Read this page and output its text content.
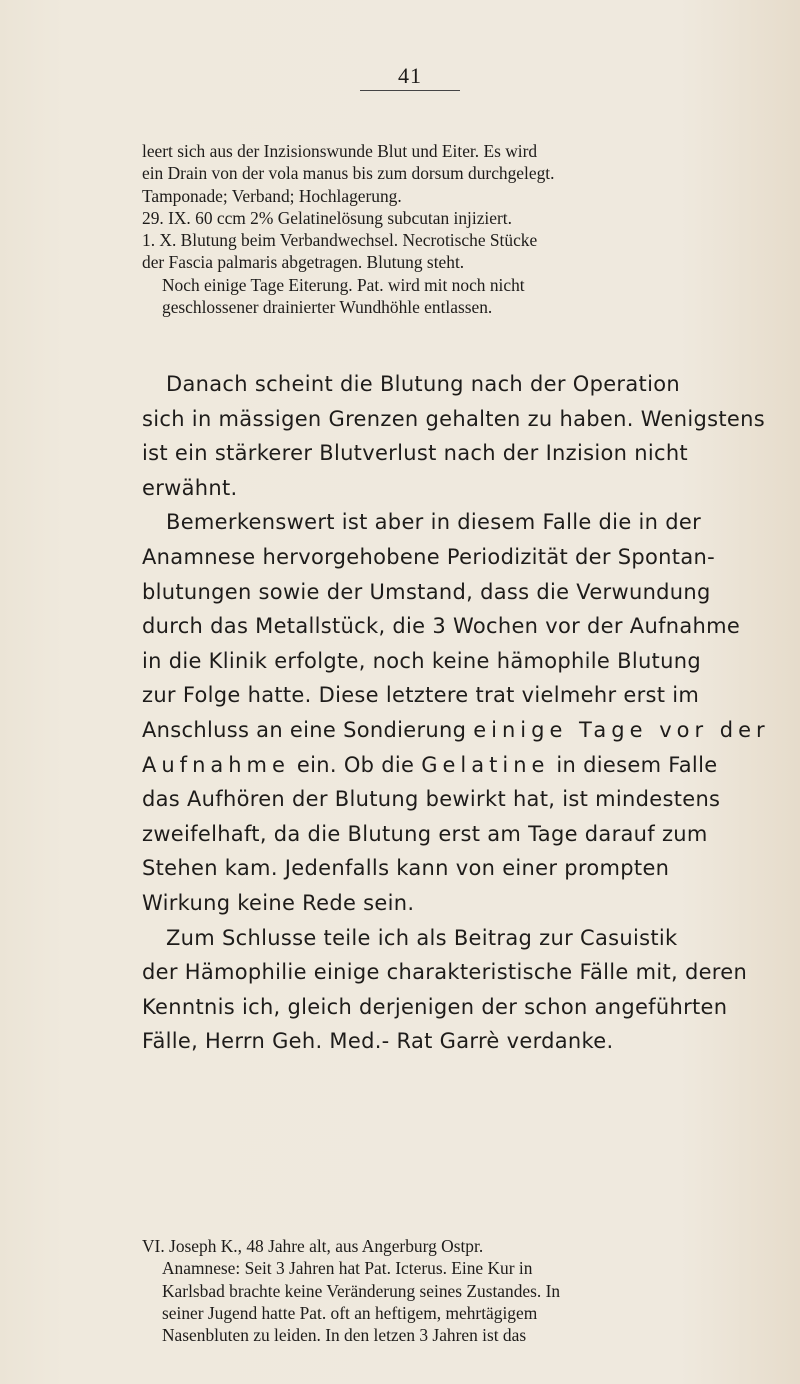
41

leert sich aus der Inzisionswunde Blut und Eiter. Es wird

ein Drain von der vola manus bis zum dorsum durchgelegt.

Tamponade; Verband; Hochlagerung.

29. IX. 60 ccm 2% Gelatinelösung subcutan injiziert.

1. X. Blutung beim Verbandwechsel. Necrotische Stücke

der Fascia palmaris abgetragen. Blutung steht.

Noch einige Tage Eiterung. Pat. wird mit noch nicht

geschlossener drainierter Wundhöhle entlassen.

Danach scheint die Blutung nach der Operation

sich in mässigen Grenzen gehalten zu haben. Wenigstens

ist ein stärkerer Blutverlust nach der Inzision nicht

erwähnt.

Bemerkenswert ist aber in diesem Falle die in der

Anamnese hervorgehobene Periodizität der Spontan-

blutungen sowie der Umstand, dass die Verwundung

durch das Metallstück, die 3 Wochen vor der Aufnahme

in die Klinik erfolgte, noch keine hämophile Blutung

zur Folge hatte. Diese letztere trat vielmehr erst im

Anschluss an eine Sondierung einige Tage vor der

Aufnahme ein. Ob die Gelatine in diesem Falle

das Aufhören der Blutung bewirkt hat, ist mindestens

zweifelhaft, da die Blutung erst am Tage darauf zum

Stehen kam. Jedenfalls kann von einer prompten

Wirkung keine Rede sein.

Zum Schlusse teile ich als Beitrag zur Casuistik

der Hämophilie einige charakteristische Fälle mit, deren

Kenntnis ich, gleich derjenigen der schon angeführten

Fälle, Herrn Geh. Med.- Rat Garrè verdanke.

VI. Joseph K., 48 Jahre alt, aus Angerburg Ostpr.

Anamnese: Seit 3 Jahren hat Pat. Icterus. Eine Kur in

Karlsbad brachte keine Veränderung seines Zustandes. In

seiner Jugend hatte Pat. oft an heftigem, mehrtägigem

Nasenbluten zu leiden. In den letzen 3 Jahren ist das
